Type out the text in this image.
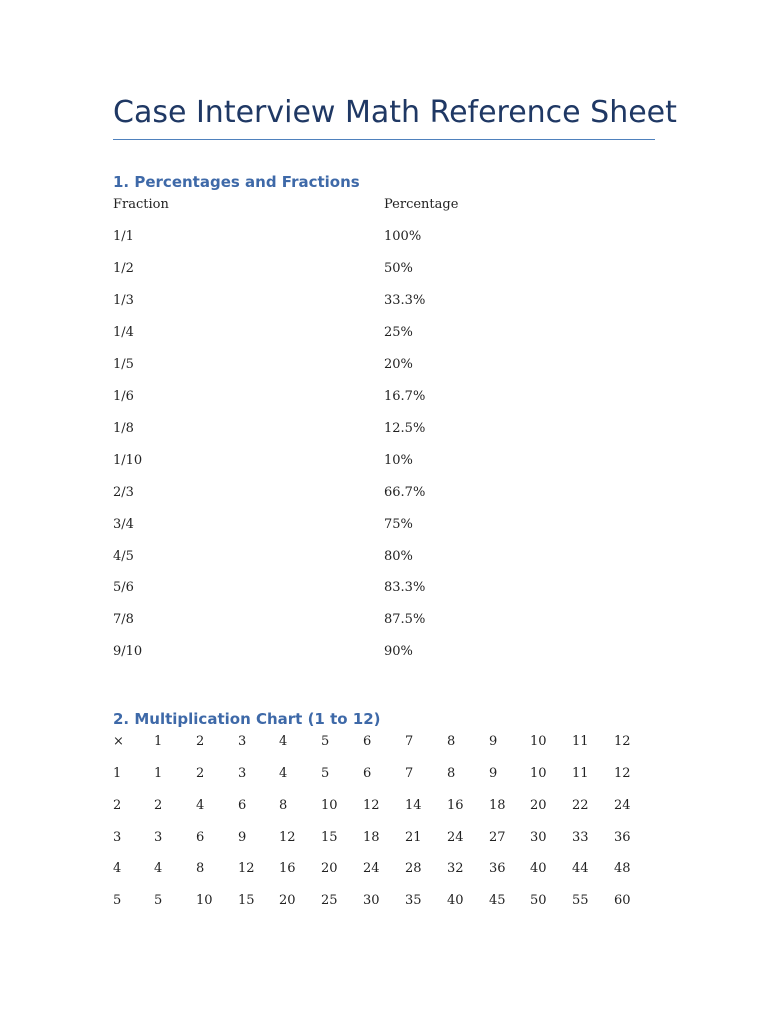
Case Interview Math Reference Sheet
1. Percentages and Fractions
Fraction	Percentage
1/1	100%
1/2	50%
1/3	33.3%
1/4	25%
1/5	20%
1/6	16.7%
1/8	12.5%
1/10	10%
2/3	66.7%
3/4	75%
4/5	80%
5/6	83.3%
7/8	87.5%
9/10	90%
2. Multiplication Chart (1 to 12)
× 1	2	3	4	5	6	7	8	9	10 11 12
1	1	2	3	4	5	6	7	8	9	10 11 12
2	2	4	6	8	10 12 14 16 18 20 22 24
3	3	6	9	12 15 18 21 24 27 30 33 36
4	4	8	12 16 20 24 28 32 36 40 44 48
5	5	10 15 20 25 30 35 40 45 50 55 60
